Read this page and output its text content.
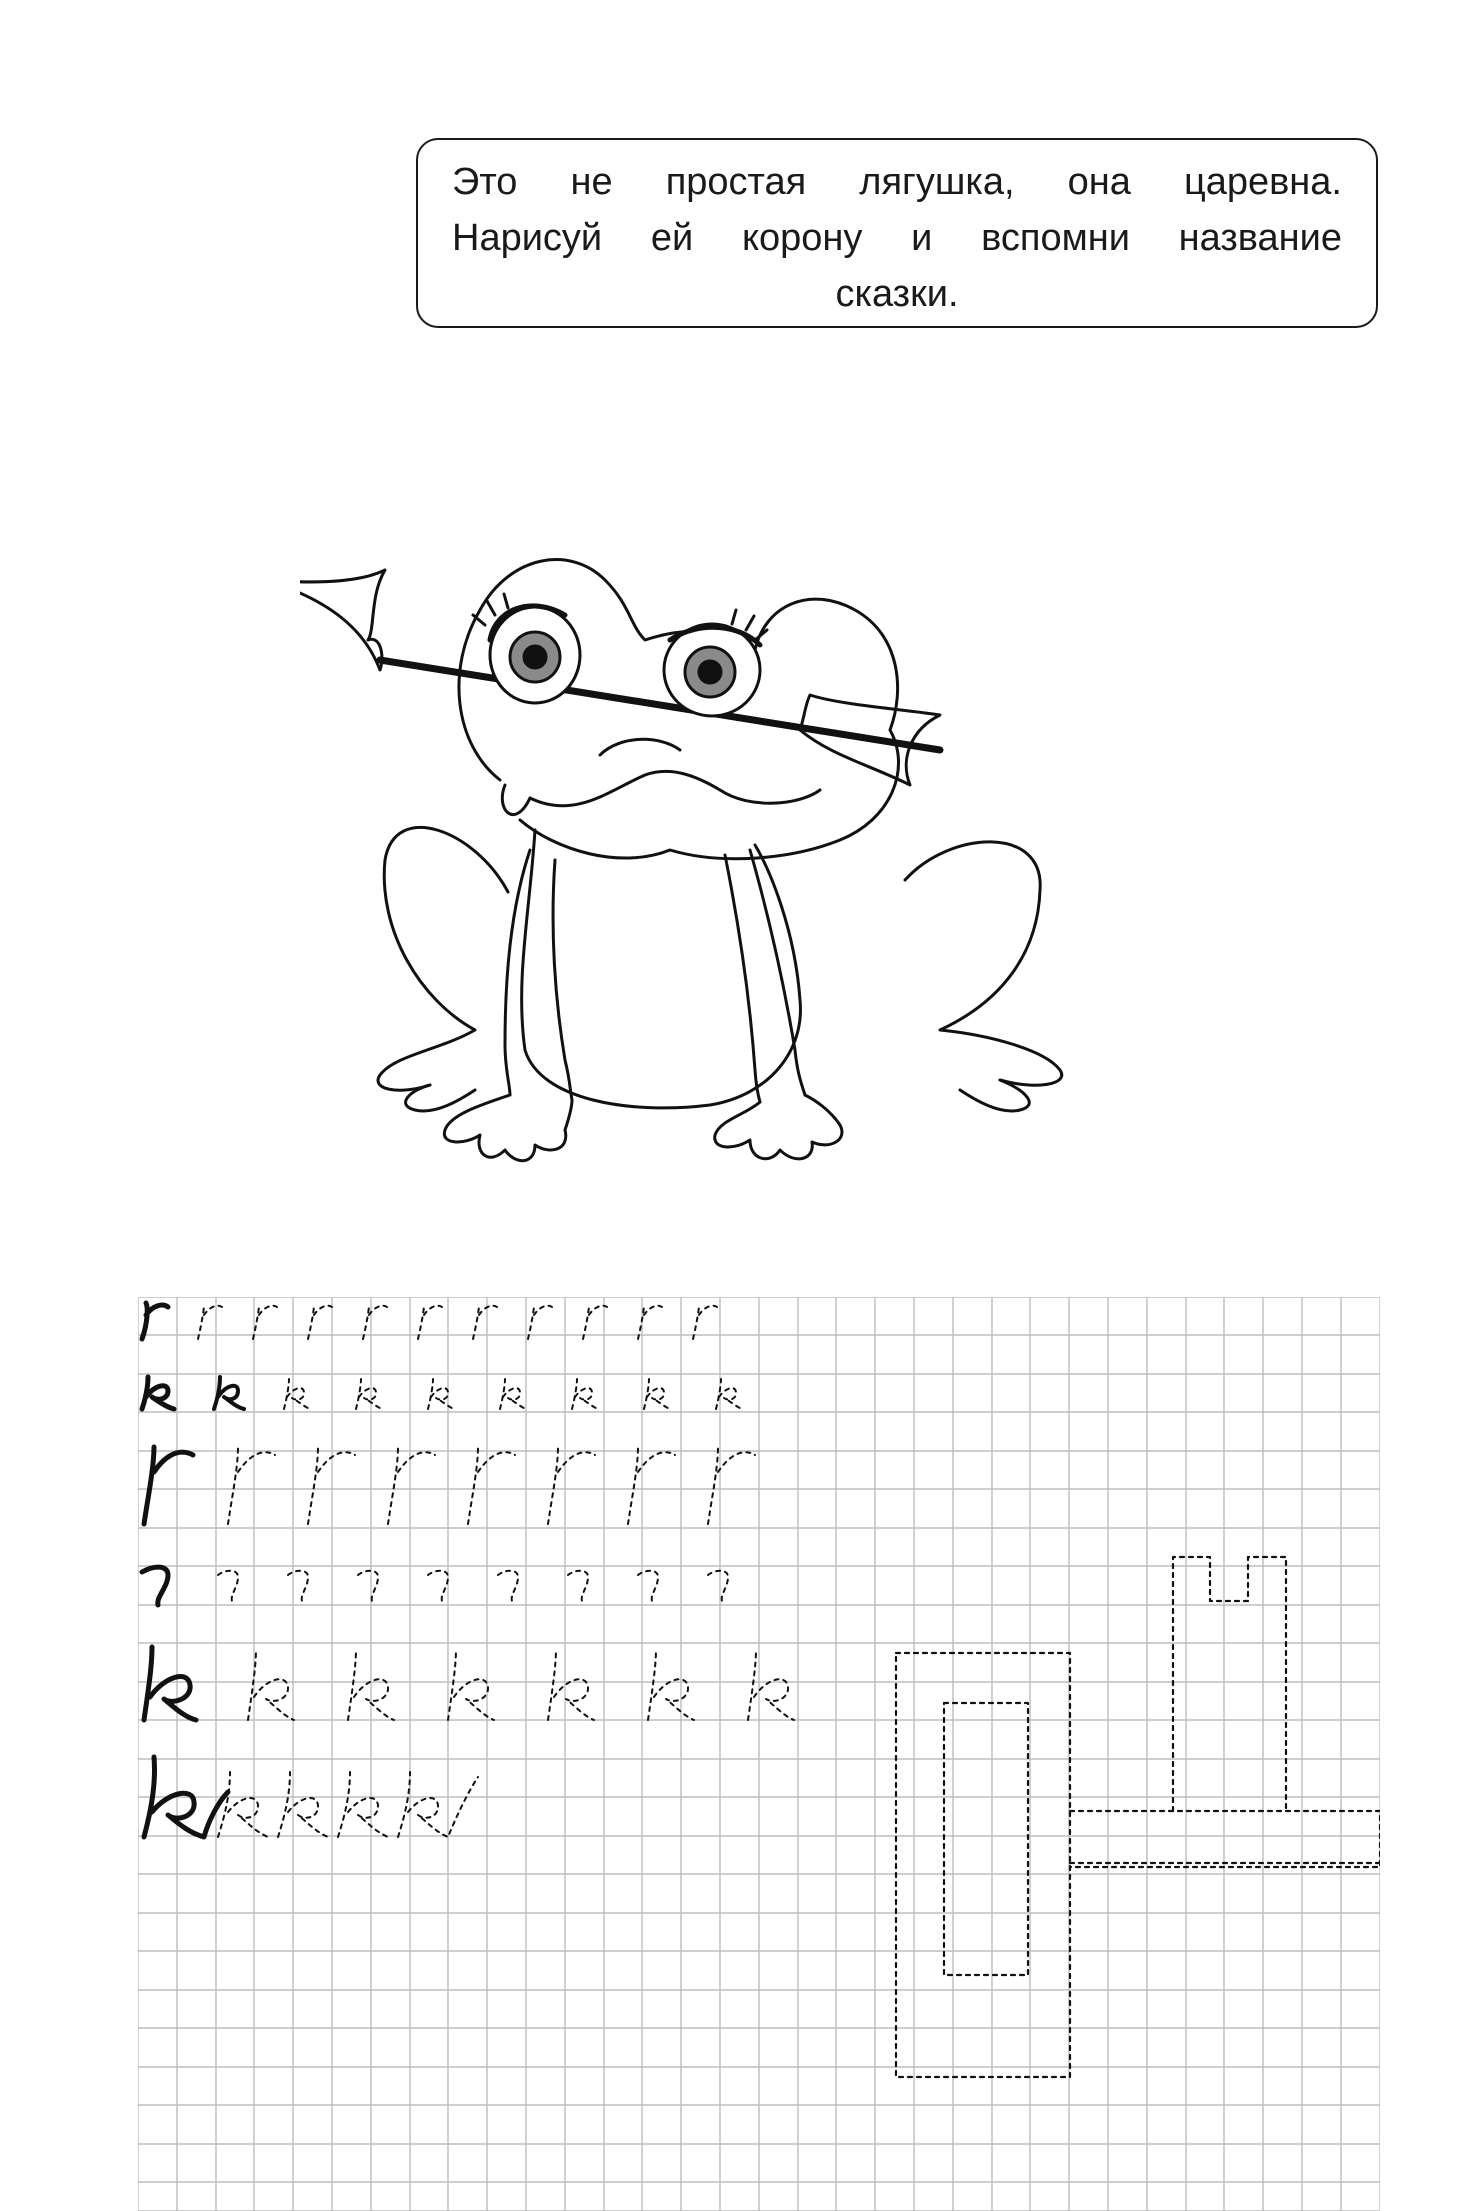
Это не простая лягушка, она царевна.

Нарисуй ей корону и вспомни название

сказки.
